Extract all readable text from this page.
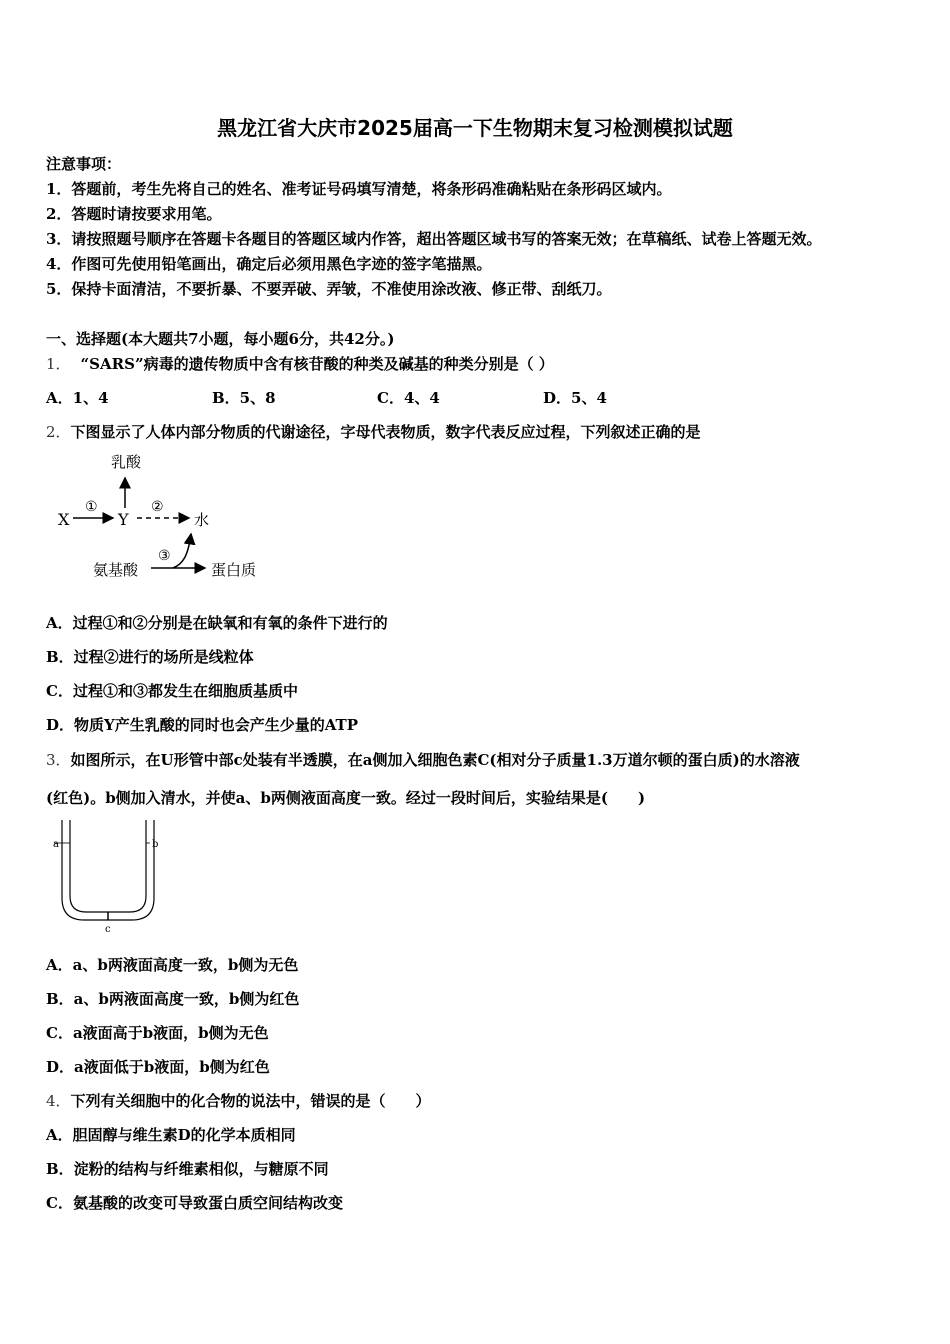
黑龙江省大庆市2025届高一下生物期末复习检测模拟试题
注意事项：
1．答题前，考生先将自己的姓名、准考证号码填写清楚，将条形码准确粘贴在条形码区域内。
2．答题时请按要求用笔。
3．请按照题号顺序在答题卡各题目的答题区域内作答，超出答题区域书写的答案无效；在草稿纸、试卷上答题无效。
4．作图可先使用铅笔画出，确定后必须用黑色字迹的签字笔描黑。
5．保持卡面清洁，不要折暴、不要弄破、弄皱，不准使用涂改液、修正带、刮纸刀。
一、选择题(本大题共7小题，每小题6分，共42分。)
1． “SARS”病毒的遗传物质中含有核苷酸的种类及碱基的种类分别是（ ）
A．1、4	B．5、8	C．4、4	D．5、4
2．下图显示了人体内部分物质的代谢途径，字母代表物质，数字代表反应过程，下列叙述正确的是
乳酸
X
①
Y
②
水
③
氨基酸	蛋白质
A．过程①和②分别是在缺氧和有氧的条件下进行的
B．过程②进行的场所是线粒体
C．过程①和③都发生在细胞质基质中
D．物质Y产生乳酸的同时也会产生少量的ATP
3．如图所示，在U形管中部c处装有半透膜，在a侧加入细胞色素C(相对分子质量1.3万道尔顿的蛋白质)的水溶液
(红色)。b侧加入清水，并使a、b两侧液面高度一致。经过一段时间后，实验结果是(　　)
a	b
c
A．a、b两液面高度一致，b侧为无色
B．a、b两液面高度一致，b侧为红色
C．a液面高于b液面，b侧为无色
D．a液面低于b液面，b侧为红色
4．下列有关细胞中的化合物的说法中，错误的是（　　）
A．胆固醇与维生素D的化学本质相同
B．淀粉的结构与纤维素相似，与糖原不同
C．氨基酸的改变可导致蛋白质空间结构改变
